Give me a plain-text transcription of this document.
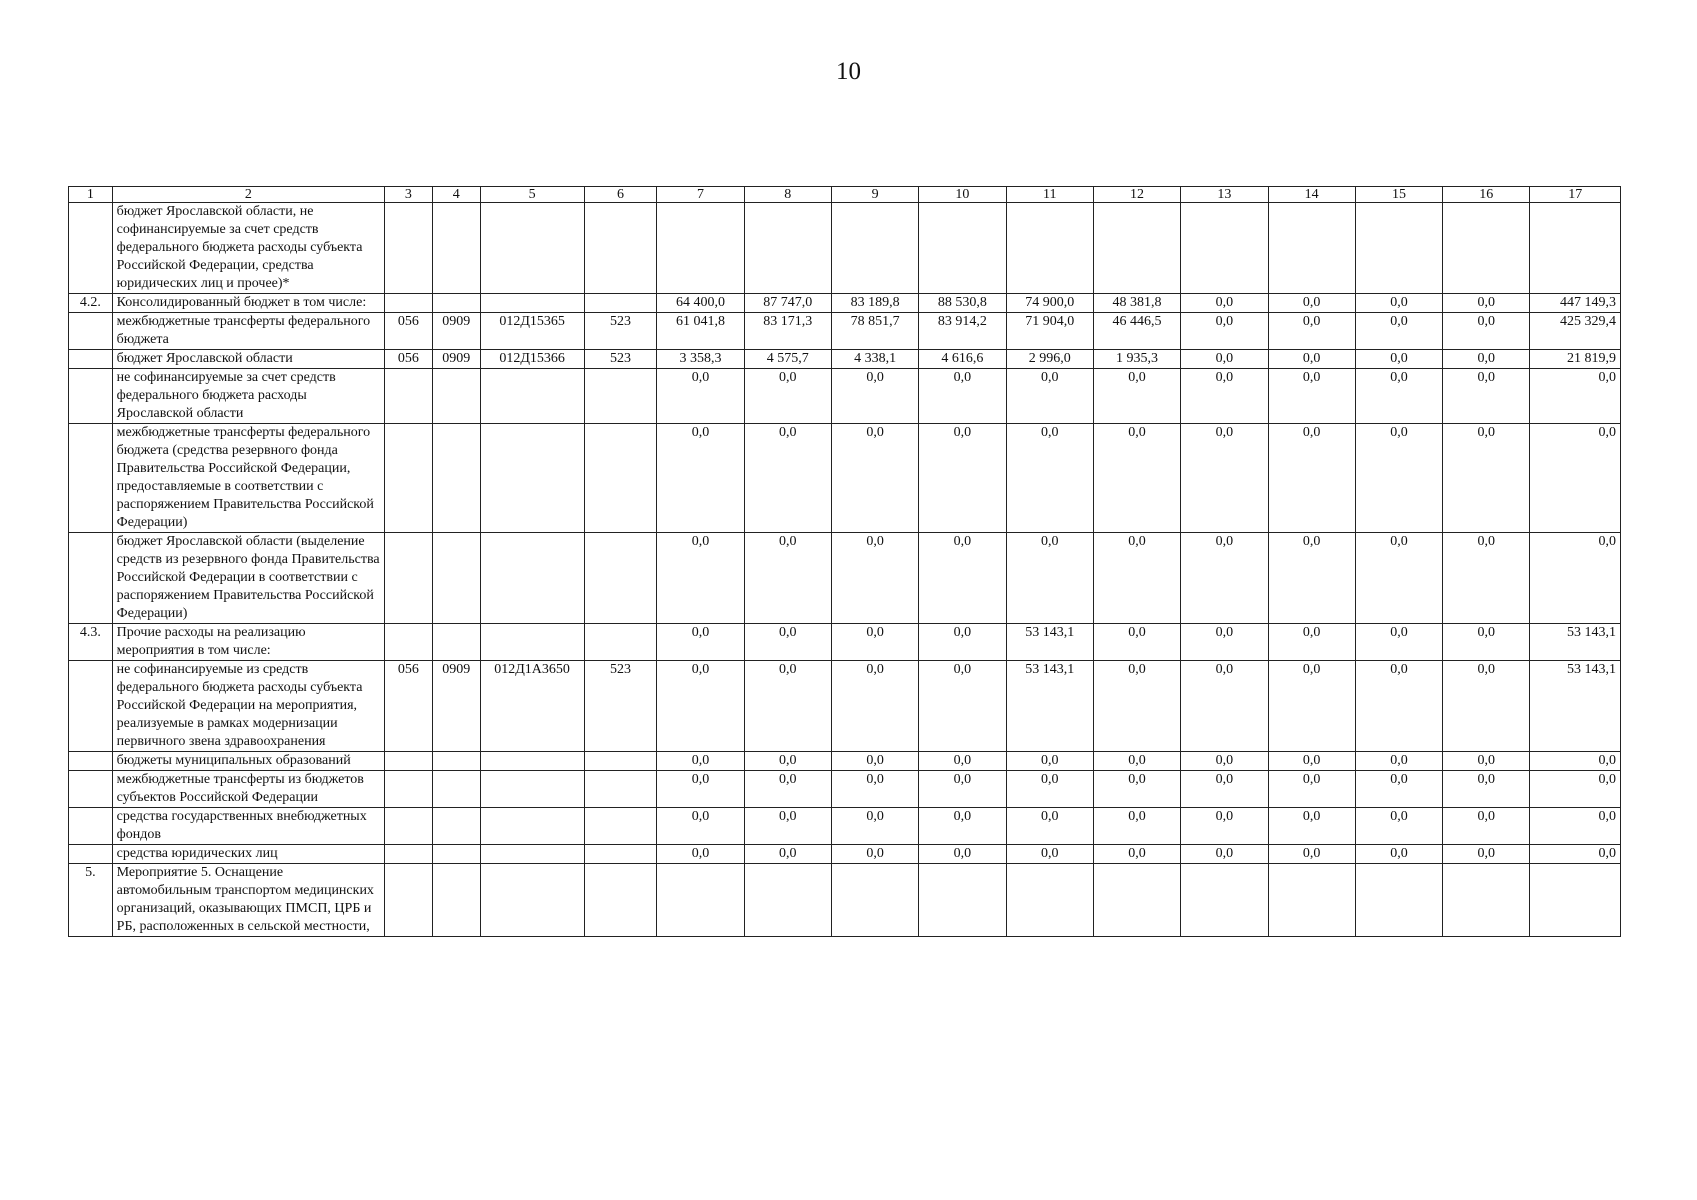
10
1	2	3	4	5	6	7	8	9	10	11	12	13	14	15	16	17
	бюджет Ярославской области, не софинансируемые за счет средств федерального бюджета расходы субъекта Российской Федерации, средства юридических лиц и прочее)*															
4.2.	Консолидированный бюджет в том числе:					64 400,0	87 747,0	83 189,8	88 530,8	74 900,0	48 381,8	0,0	0,0	0,0	0,0	447 149,3
	межбюджетные трансферты федерального бюджета	056	0909	012Д15365	523	61 041,8	83 171,3	78 851,7	83 914,2	71 904,0	46 446,5	0,0	0,0	0,0	0,0	425 329,4
	бюджет Ярославской области	056	0909	012Д15366	523	3 358,3	4 575,7	4 338,1	4 616,6	2 996,0	1 935,3	0,0	0,0	0,0	0,0	21 819,9
	не софинансируемые за счет средств федерального бюджета расходы Ярославской области					0,0	0,0	0,0	0,0	0,0	0,0	0,0	0,0	0,0	0,0	0,0
	межбюджетные трансферты федерального бюджета (средства резервного фонда Правительства Российской Федерации, предоставляемые в соответствии с распоряжением Правительства Российской Федерации)					0,0	0,0	0,0	0,0	0,0	0,0	0,0	0,0	0,0	0,0	0,0
	бюджет Ярославской области (выделение средств из резервного фонда Правительства Российской Федерации в соответствии с распоряжением Правительства Российской Федерации)					0,0	0,0	0,0	0,0	0,0	0,0	0,0	0,0	0,0	0,0	0,0
4.3.	Прочие расходы на реализацию мероприятия в том числе:					0,0	0,0	0,0	0,0	53 143,1	0,0	0,0	0,0	0,0	0,0	53 143,1
	не софинансируемые из средств федерального бюджета расходы субъекта Российской Федерации на мероприятия, реализуемые в рамках модернизации первичного звена здравоохранения	056	0909	012Д1А3650	523	0,0	0,0	0,0	0,0	53 143,1	0,0	0,0	0,0	0,0	0,0	53 143,1
	бюджеты муниципальных образований					0,0	0,0	0,0	0,0	0,0	0,0	0,0	0,0	0,0	0,0	0,0
	межбюджетные трансферты из бюджетов субъектов Российской Федерации					0,0	0,0	0,0	0,0	0,0	0,0	0,0	0,0	0,0	0,0	0,0
	средства государственных внебюджетных фондов					0,0	0,0	0,0	0,0	0,0	0,0	0,0	0,0	0,0	0,0	0,0
	средства юридических лиц					0,0	0,0	0,0	0,0	0,0	0,0	0,0	0,0	0,0	0,0	0,0
5.	Мероприятие 5. Оснащение автомобильным транспортом медицинских организаций, оказывающих ПМСП, ЦРБ и РБ, расположенных в сельской местности,															
